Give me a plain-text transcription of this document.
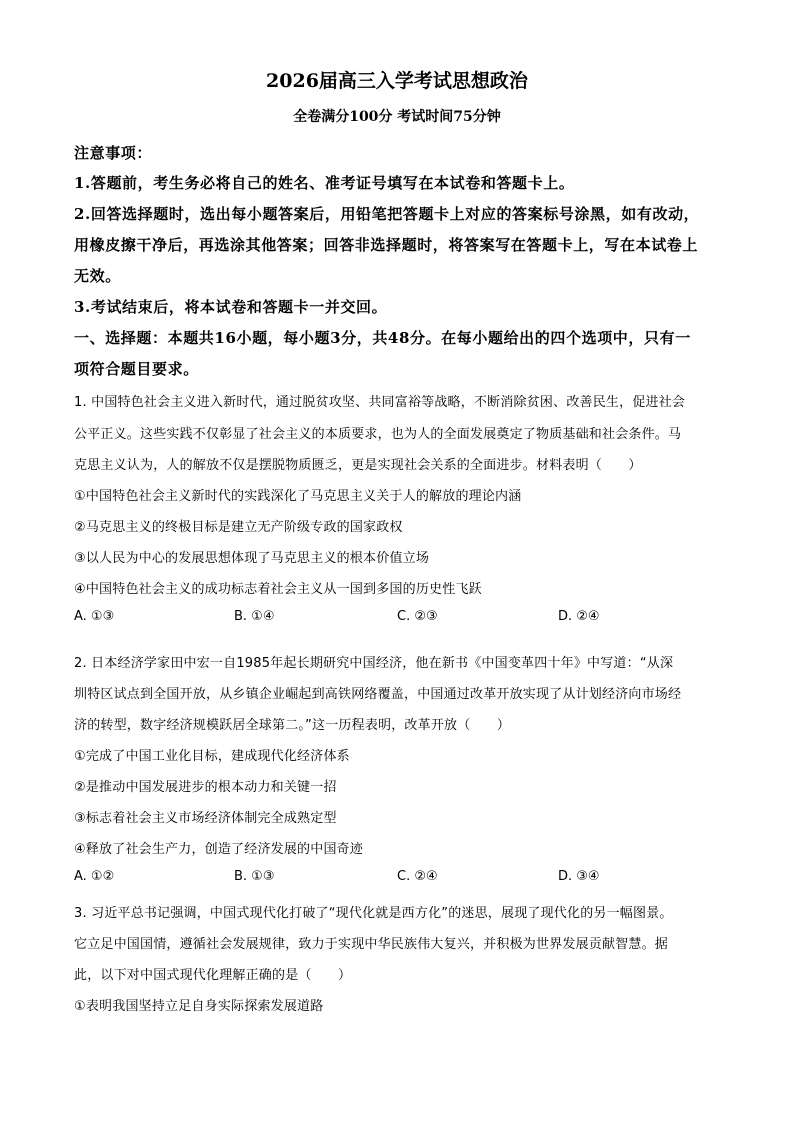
2026届高三入学考试思想政治
全卷满分100分 考试时间75分钟
注意事项：
1.答题前，考生务必将自己的姓名、准考证号填写在本试卷和答题卡上。
2.回答选择题时，选出每小题答案后，用铅笔把答题卡上对应的答案标号涂黑，如有改动，
用橡皮擦干净后，再选涂其他答案；回答非选择题时，将答案写在答题卡上，写在本试卷上
无效。
3.考试结束后，将本试卷和答题卡一并交回。
一、选择题：本题共16小题，每小题3分，共48分。在每小题给出的四个选项中，只有一
项符合题目要求。
1. 中国特色社会主义进入新时代，通过脱贫攻坚、共同富裕等战略，不断消除贫困、改善民生，促进社会
公平正义。这些实践不仅彰显了社会主义的本质要求，也为人的全面发展奠定了物质基础和社会条件。马
克思主义认为，人的解放不仅是摆脱物质匮乏，更是实现社会关系的全面进步。材料表明（　　）
①中国特色社会主义新时代的实践深化了马克思主义关于人的解放的理论内涵
②马克思主义的终极目标是建立无产阶级专政的国家政权
③以人民为中心的发展思想体现了马克思主义的根本价值立场
④中国特色社会主义的成功标志着社会主义从一国到多国的历史性飞跃
A. ①③	B. ①④	C. ②③	D. ②④
2. 日本经济学家田中宏一自1985年起长期研究中国经济，他在新书《中国变革四十年》中写道：“从深
圳特区试点到全国开放，从乡镇企业崛起到高铁网络覆盖，中国通过改革开放实现了从计划经济向市场经
济的转型，数字经济规模跃居全球第二。”这一历程表明，改革开放（　　）
①完成了中国工业化目标，建成现代化经济体系
②是推动中国发展进步的根本动力和关键一招
③标志着社会主义市场经济体制完全成熟定型
④释放了社会生产力，创造了经济发展的中国奇迹
A. ①②	B. ①③	C. ②④	D. ③④
3. 习近平总书记强调，中国式现代化打破了“现代化就是西方化”的迷思，展现了现代化的另一幅图景。
它立足中国国情，遵循社会发展规律，致力于实现中华民族伟大复兴，并积极为世界发展贡献智慧。据
此，以下对中国式现代化理解正确的是（　　）
①表明我国坚持立足自身实际探索发展道路
